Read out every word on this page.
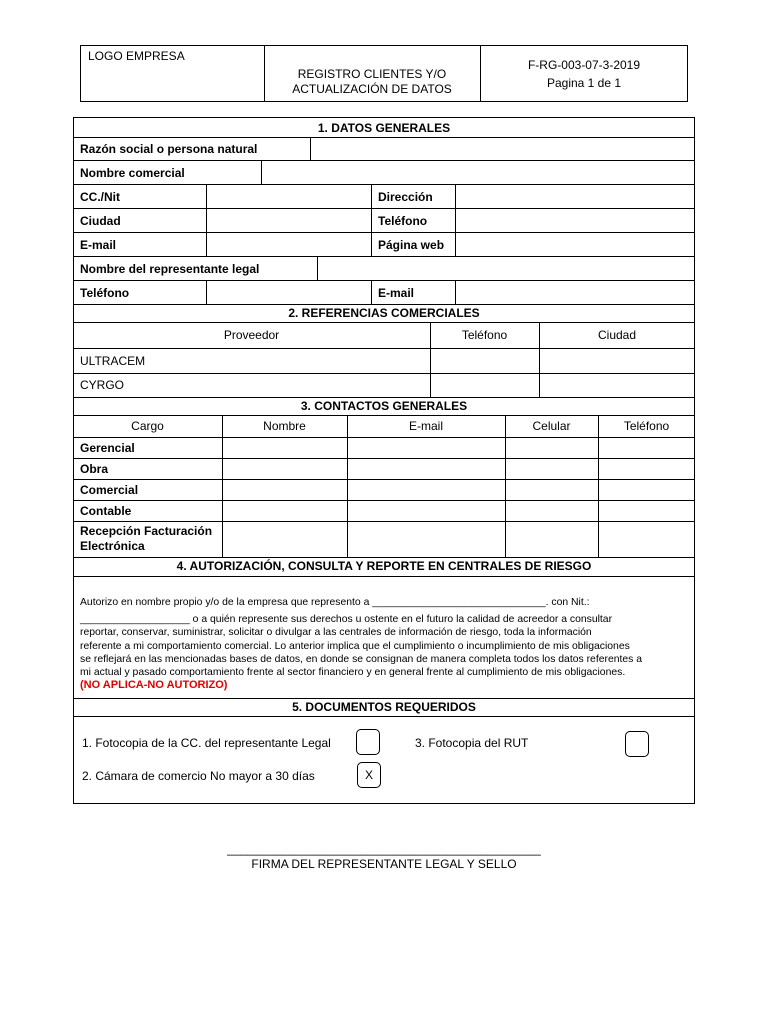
LOGO EMPRESA
REGISTRO CLIENTES Y/O
ACTUALIZACIÓN DE DATOS
F-RG-003-07-3-2019
Pagina 1 de 1
1. DATOS GENERALES
Razón social o persona natural
Nombre comercial
CC./Nit	Dirección
Ciudad	Teléfono
E-mail	Página web
Nombre del representante legal
Teléfono	E-mail
2. REFERENCIAS COMERCIALES
Proveedor	Teléfono	Ciudad
ULTRACEM
CYRGO
3. CONTACTOS GENERALES
Cargo	Nombre	E-mail	Celular	Teléfono
Gerencial
Obra
Comercial
Contable
Recepción Facturación
Electrónica
4. AUTORIZACIÓN, CONSULTA Y REPORTE EN CENTRALES DE RIESGO

Autorizo en nombre propio y/o de la empresa que represento a ______________________________. con Nit.:

___________________ o a quién represente sus derechos u ostente en el futuro la calidad de acreedor a consultar

reportar, conservar, suministrar, solicitar o divulgar a las centrales de información de riesgo, toda la información

referente a mi comportamiento comercial. Lo anterior implica que el cumplimiento o incumplimiento de mis obligaciones

se reflejará en las mencionadas bases de datos, en donde se consignan de manera completa todos los datos referentes a

mi actual y pasado comportamiento frente al sector financiero y en general frente al cumplimiento de mis obligaciones.

(NO APLICA-NO AUTORIZO)

5. DOCUMENTOS REQUERIDOS
1. Fotocopia de la CC. del representante Legal	3. Fotocopia del RUT
2. Cámara de comercio No mayor a 30 días	X
_______________________________________________
FIRMA DEL REPRESENTANTE LEGAL Y SELLO
